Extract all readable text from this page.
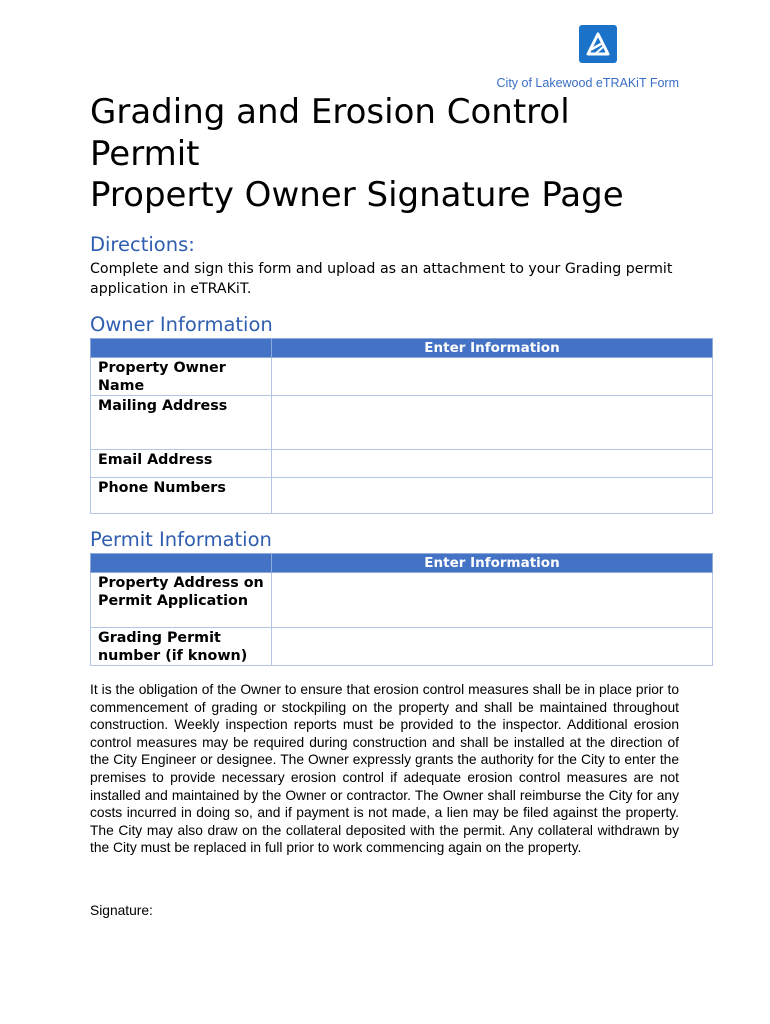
City of Lakewood eTRAKiT Form
Grading and Erosion Control
Permit
Property Owner Signature Page
Directions:

Complete and sign this form and upload as an attachment to your Grading permit application in eTRAKiT.

Owner Information
	Enter Information
Property Owner Name	
Mailing Address	
Email Address	
Phone Numbers	
Permit Information
	Enter Information
Property Address on Permit Application	
Grading Permit number (if known)	

It is the obligation of the Owner to ensure that erosion control measures shall be in place prior to commencement of grading or stockpiling on the property and shall be maintained throughout construction. Weekly inspection reports must be provided to the inspector. Additional erosion control measures may be required during construction and shall be installed at the direction of the City Engineer or designee. The Owner expressly grants the authority for the City to enter the premises to provide necessary erosion control if adequate erosion control measures are not installed and maintained by the Owner or contractor. The Owner shall reimburse the City for any costs incurred in doing so, and if payment is not made, a lien may be filed against the property. The City may also draw on the collateral deposited with the permit. Any collateral withdrawn by the City must be replaced in full prior to work commencing again on the property.

Signature:
